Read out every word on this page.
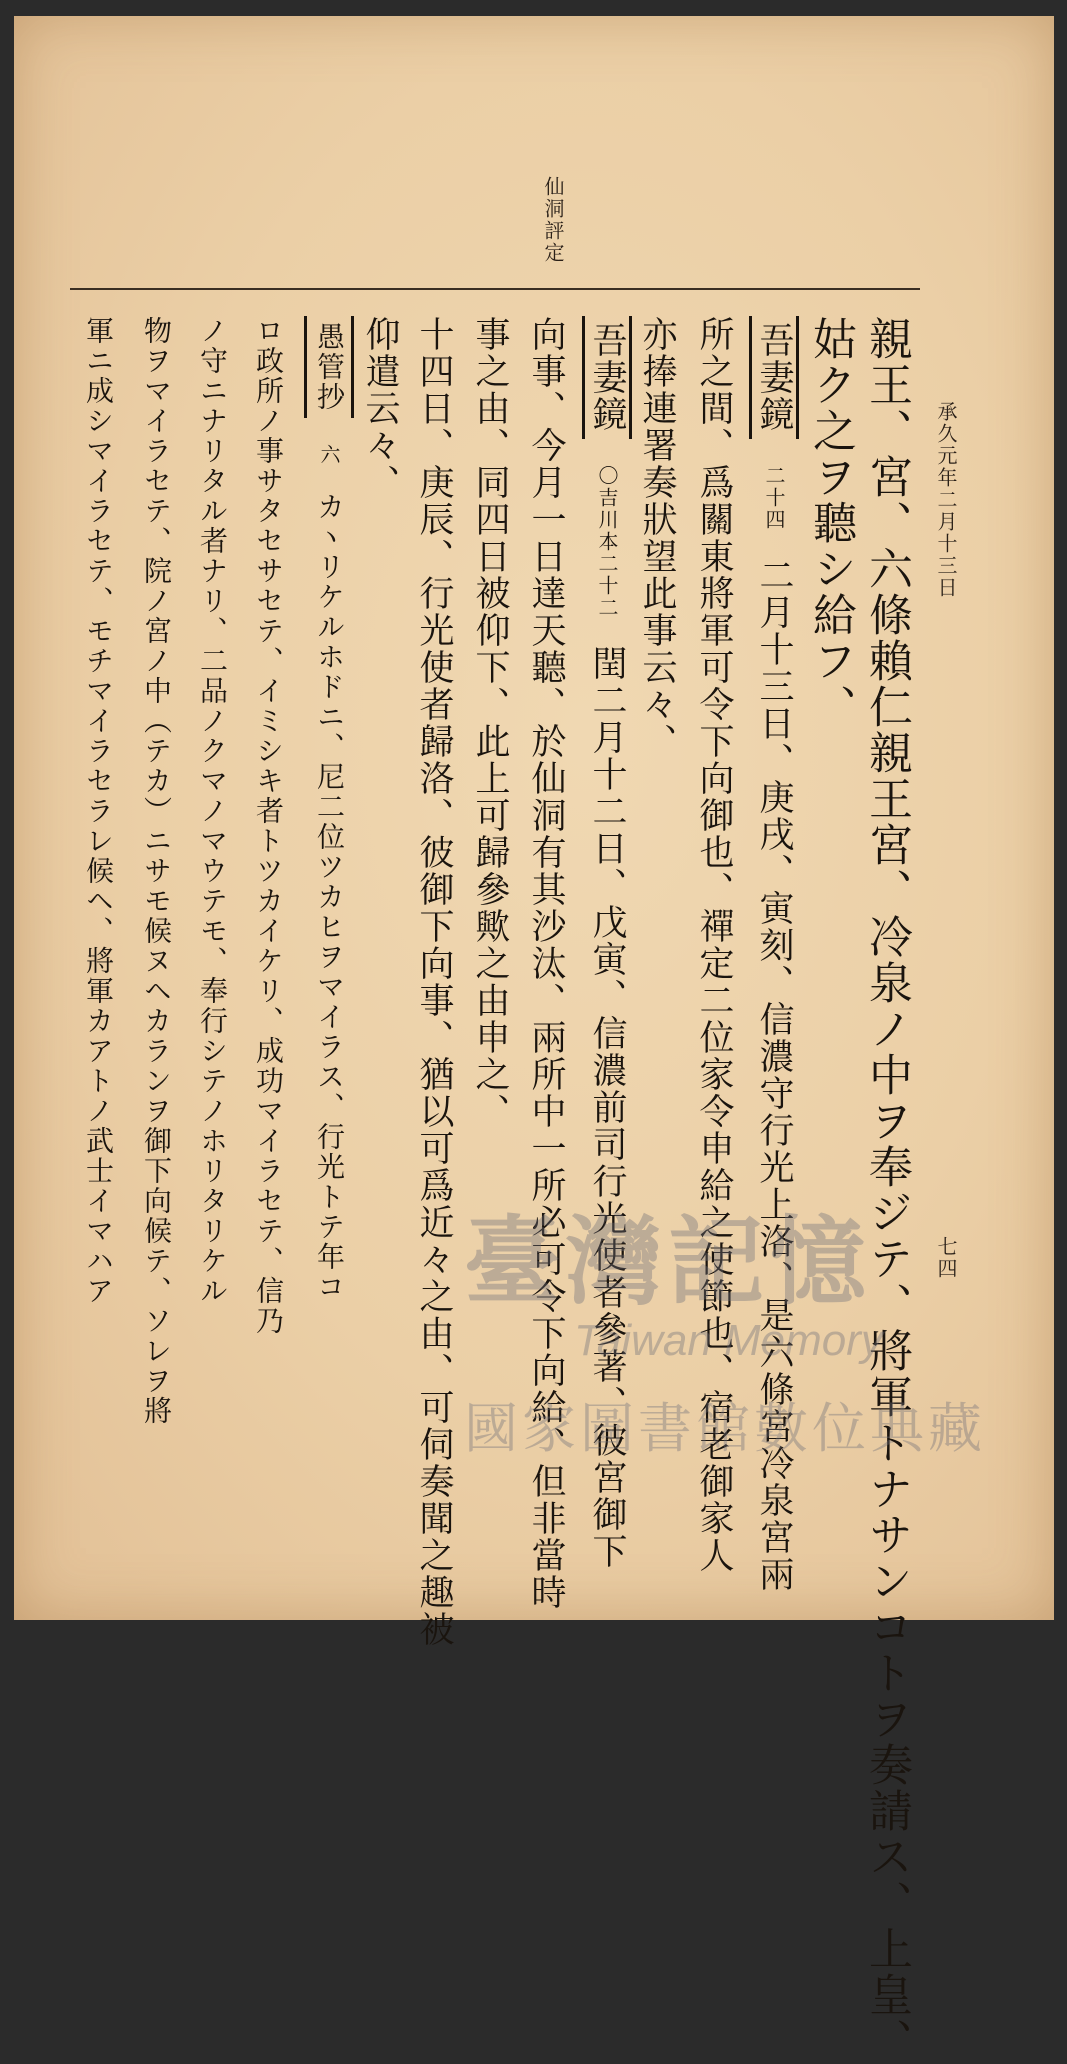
仙洞評定
承久元年二月十三日
七四
親王、宮、六條賴仁親王宮、冷泉ノ中ヲ奉ジテ、將軍トナサンコトヲ奏請ス、上皇、
姑ク之ヲ聽シ給フ、
吾妻鏡 二十四 二月十三日、庚戌、寅刻、信濃守行光上洛、是六條宮冷泉宮兩
所之間、爲關東將軍可令下向御也、禪定二位家令申給之使節也、宿老御家人
亦捧連署奏狀望此事云々、
吾妻鏡 〇吉川本二十二 閏二月十二日、戊寅、信濃前司行光使者參著、彼宮御下
向事、今月一日達天聽、於仙洞有其沙汰、兩所中一所必可令下向給、但非當時
事之由、同四日被仰下、此上可歸參歟之由申之、
十四日、庚辰、行光使者歸洛、彼御下向事、猶以可爲近々之由、可伺奏聞之趣被
仰遣云々、
愚管抄 六 カヽリケルホドニ、尼二位ツカヒヲマイラス、行光トテ年コ
ロ政所ノ事サタセサセテ、イミシキ者トツカイケリ、成功マイラセテ、信乃
ノ守ニナリタル者ナリ、二品ノクマノマウテモ、奉行シテノホリタリケル
物ヲマイラセテ、院ノ宮ノ中（テカ）ニサモ候ヌヘカランヲ御下向候テ、ソレヲ將
軍ニ成シマイラセテ、モチマイラセラレ候ヘ、將軍カアトノ武士イマハア	臺灣記憶
Taiwan Memory
國家圖書館數位典藏
